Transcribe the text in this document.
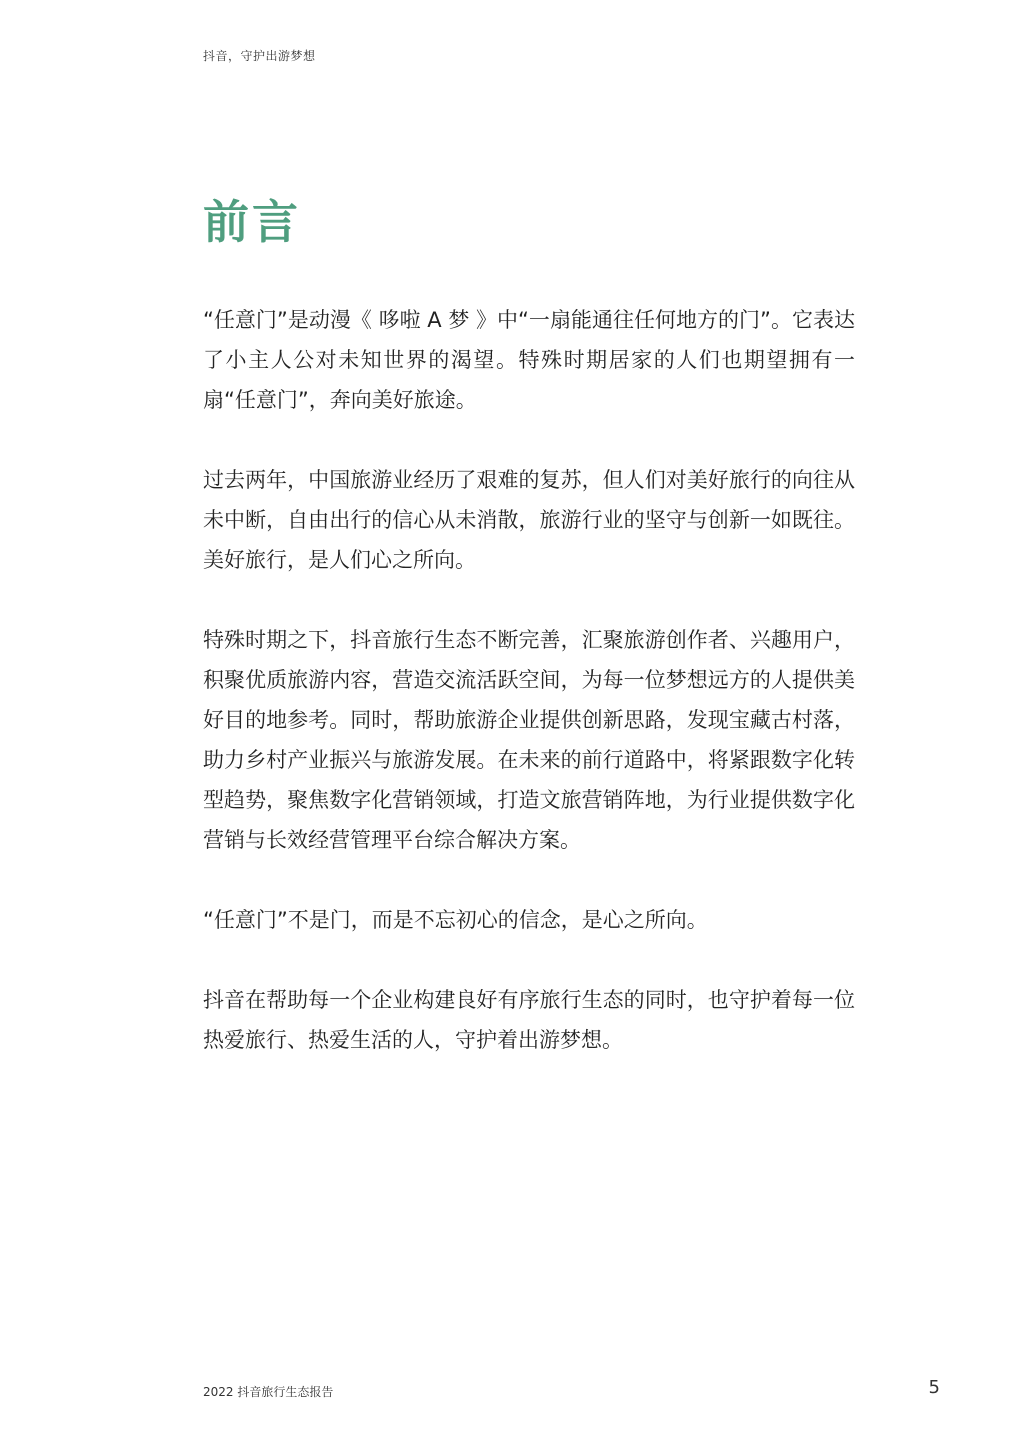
抖音，守护出游梦想
前言

“任意门”是动漫《 哆啦 A 梦 》中“一扇能通往任何地方的门”。它表达了小主人公对未知世界的渴望。特殊时期居家的人们也期望拥有一扇“任意门”，奔向美好旅途。

过去两年，中国旅游业经历了艰难的复苏，但人们对美好旅行的向往从未中断，自由出行的信心从未消散，旅游行业的坚守与创新一如既往。美好旅行，是人们心之所向。

特殊时期之下，抖音旅行生态不断完善，汇聚旅游创作者、兴趣用户，积聚优质旅游内容，营造交流活跃空间，为每一位梦想远方的人提供美好目的地参考。同时，帮助旅游企业提供创新思路，发现宝藏古村落，助力乡村产业振兴与旅游发展。在未来的前行道路中，将紧跟数字化转型趋势，聚焦数字化营销领域，打造文旅营销阵地，为行业提供数字化营销与长效经营管理平台综合解决方案。

“任意门”不是门，而是不忘初心的信念，是心之所向。

抖音在帮助每一个企业构建良好有序旅行生态的同时，也守护着每一位热爱旅行、热爱生活的人，守护着出游梦想。

2022 抖音旅行生态报告	5
